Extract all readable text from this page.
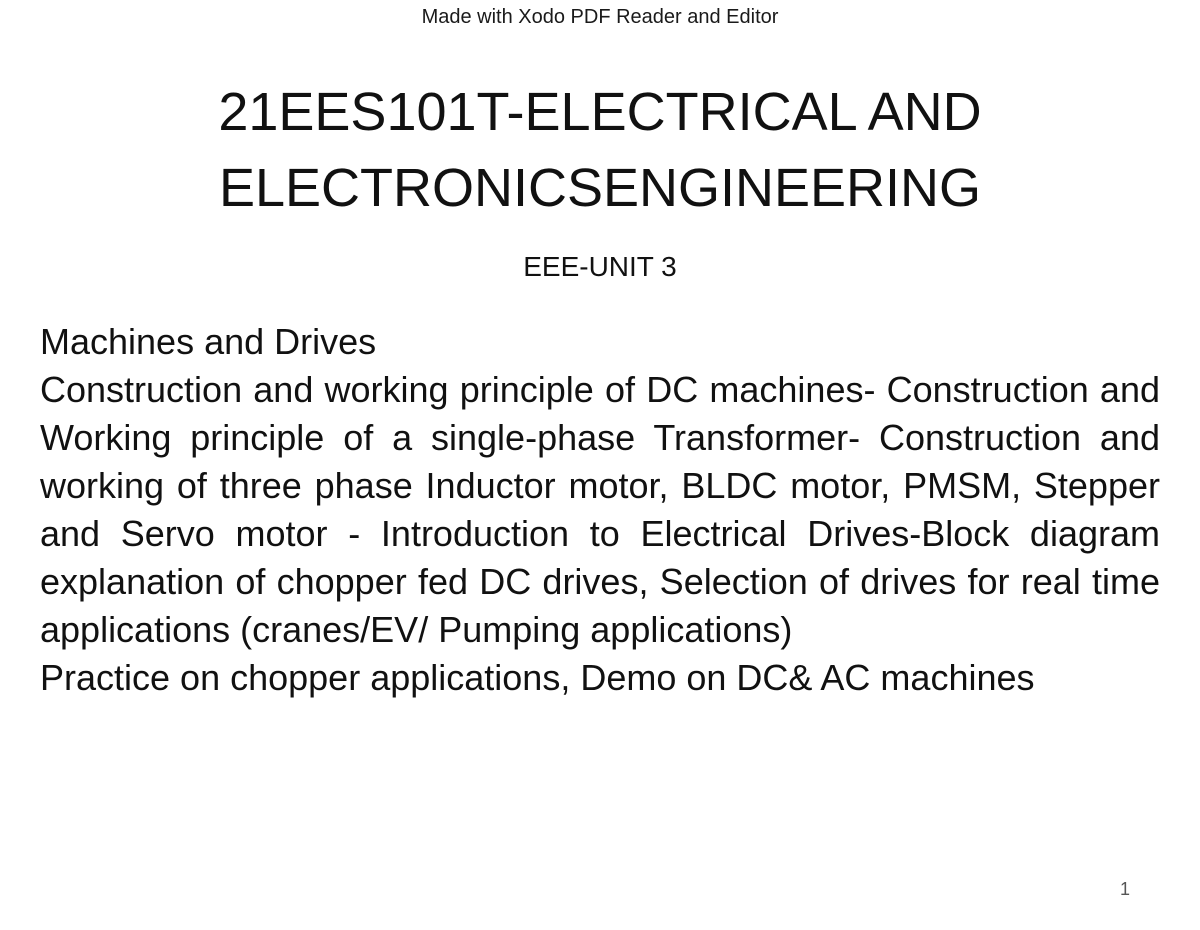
Made with Xodo PDF Reader and Editor
21EES101T-ELECTRICAL AND
ELECTRONICSENGINEERING
EEE-UNIT 3
Machines and Drives
Construction and working principle of DC machines- Construction and Working principle of a single-phase Transformer- Construction and working of three phase Inductor motor, BLDC motor, PMSM, Stepper and Servo motor - Introduction to Electrical Drives-Block diagram explanation of chopper fed DC drives, Selection of drives for real time applications (cranes/EV/ Pumping applications)
Practice on chopper applications, Demo on DC& AC machines
1
